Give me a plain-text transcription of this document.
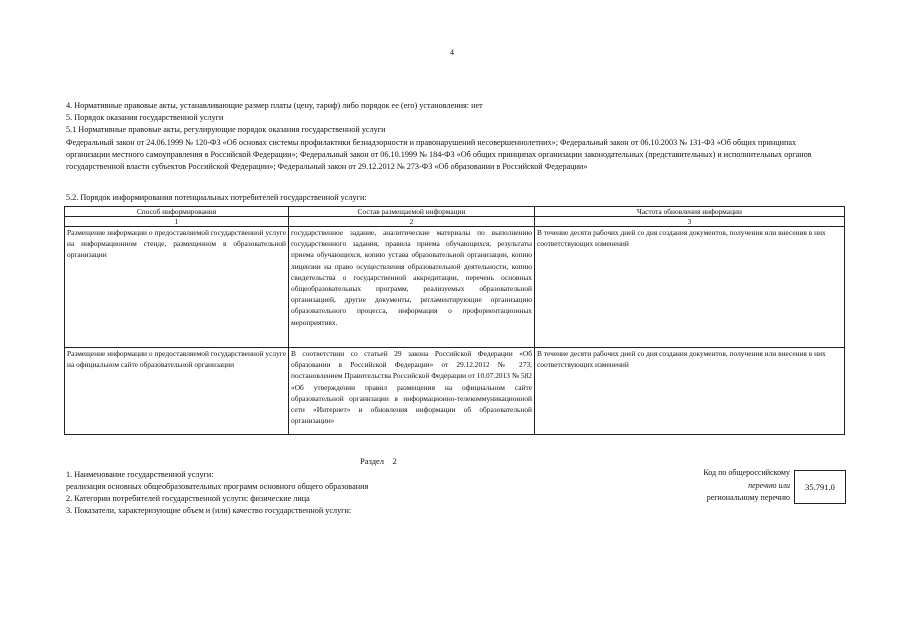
4
4. Нормативные правовые акты, устанавливающие размер платы (цену, тариф) либо порядок ее (его) установления: нет
5. Порядок оказания государственной услуги
5.1 Нормативные правовые акты, регулирующие порядок оказания государственной услуги
Федеральный закон от 24.06.1999 № 120-ФЗ «Об основах системы профилактики безнадзорности и правонарушений несовершеннолетних»; Федеральный закон от 06.10.2003 № 131-ФЗ «Об общих принципах организации местного самоуправления в Российской Федерации»; Федеральный закон от 06.10.1999 № 184-ФЗ «Об общих принципах организации законодательных (представительных) и исполнительных органов государственной власти субъектов Российской Федерации»; Федеральный закон от 29.12.2012 № 273-ФЗ «Об образовании в Российской Федерации»
5.2. Порядок информирования потенциальных потребителей государственной услуги:
Способ информирования	Состав размещаемой информации	Частота обновления информации
1	2	3
Размещение информации о предоставляемой государственной услуге на информационном стенде, размещенном в образовательной организации	государственное задание, аналитические материалы по выполнению государственного задания, правила приема обучающихся, результаты приема обучающихся, копию устава образовательной организации, копию лицензии на право осуществления образовательной деятельности, копию свидетельства о государственной аккредитации, перечень основных общеобразовательных программ, реализуемых образовательной организацией, другие документы, регламентирующие организацию образовательного процесса, информация о профориентационных мероприятиях.	В течение десяти рабочих дней со дня создания документов, получения или внесения в них соответствующих изменений
Размещение информации о предоставляемой государственной услуге на официальном сайте образовательной организации	В соответствии со статьей 29 закона Российской Федерации «Об образовании в Российской Федерации» от 29.12.2012 № 273, постановлением Правительства Российской Федерации от 10.07.2013 № 582 «Об утверждении правил размещения на официальном сайте образовательной организации в информационно-телекоммуникационной сети «Интернет» и обновления информации об образовательной организации»	В течение десяти рабочих дней со дня создания документов, получения или внесения в них соответствующих изменений
Раздел    2
1. Наименование государственной услуги:
реализация основных общеобразовательных программ основного общего образования
2. Категории потребителей государственной услуги: физические лица
3. Показатели, характеризующие объем и (или) качество государственной услуги:
Код по общероссийскому
перечню или
региональному перечню
35.791.0
